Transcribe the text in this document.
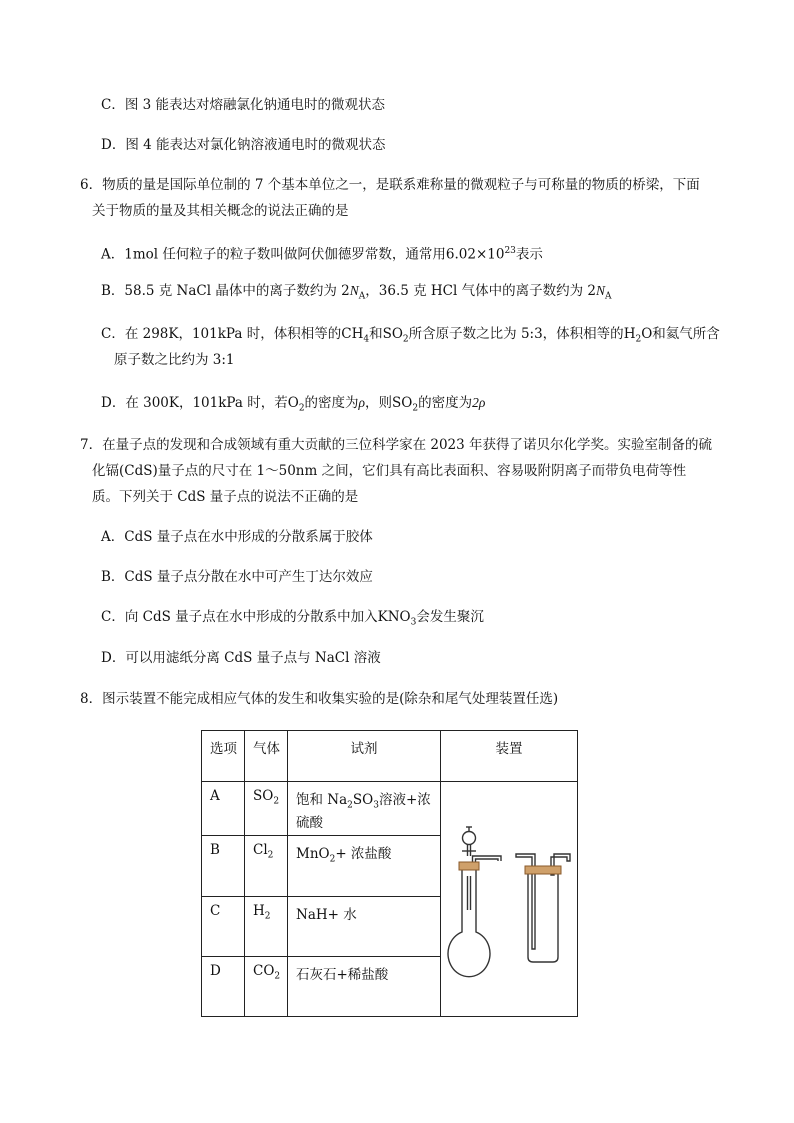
C．图 3 能表达对熔融氯化钠通电时的微观状态
D．图 4 能表达对氯化钠溶液通电时的微观状态
6．物质的量是国际单位制的 7 个基本单位之一，是联系难称量的微观粒子与可称量的物质的桥梁，下面
关于物质的量及其相关概念的说法正确的是
A．1mol 任何粒子的粒子数叫做阿伏伽德罗常数，通常用$6.02\times 10^{23}$表示
B．58.5 克 NaCl 晶体中的离子数约为 $2N_A$，36.5 克 HCl 气体中的离子数约为 $2N_A$
C．在 298K，101kPa 时，体积相等的$CH_4$和$SO_2$所含原子数之比为 5:3，体积相等的$H_2O$和氦气所含
原子数之比约为 3:1
D．在 300K，101kPa 时，若$O_2$的密度为ρ，则$SO_2$的密度为2ρ
7．在量子点的发现和合成领域有重大贡献的三位科学家在 2023 年获得了诺贝尔化学奖。实验室制备的硫
化镉(CdS)量子点的尺寸在 1～50nm 之间，它们具有高比表面积、容易吸附阴离子而带负电荷等性
质。下列关于 CdS 量子点的说法不正确的是
A．CdS 量子点在水中形成的分散系属于胶体
B．CdS 量子点分散在水中可产生丁达尔效应
C．向 CdS 量子点在水中形成的分散系中加入$KNO_3$会发生聚沉
D．可以用滤纸分离 CdS 量子点与 NaCl 溶液
8．图示装置不能完成相应气体的发生和收集实验的是(除杂和尾气处理装置任选)
选项	气体	试剂	装置
A	$SO_2$	饱和 $Na_2SO_3$溶液+浓硫酸	

B	$Cl_2$	MnO$_2$+ 浓盐酸	
C	$H_2$	NaH+ 水	
D	$CO_2$	石灰石+稀盐酸	
